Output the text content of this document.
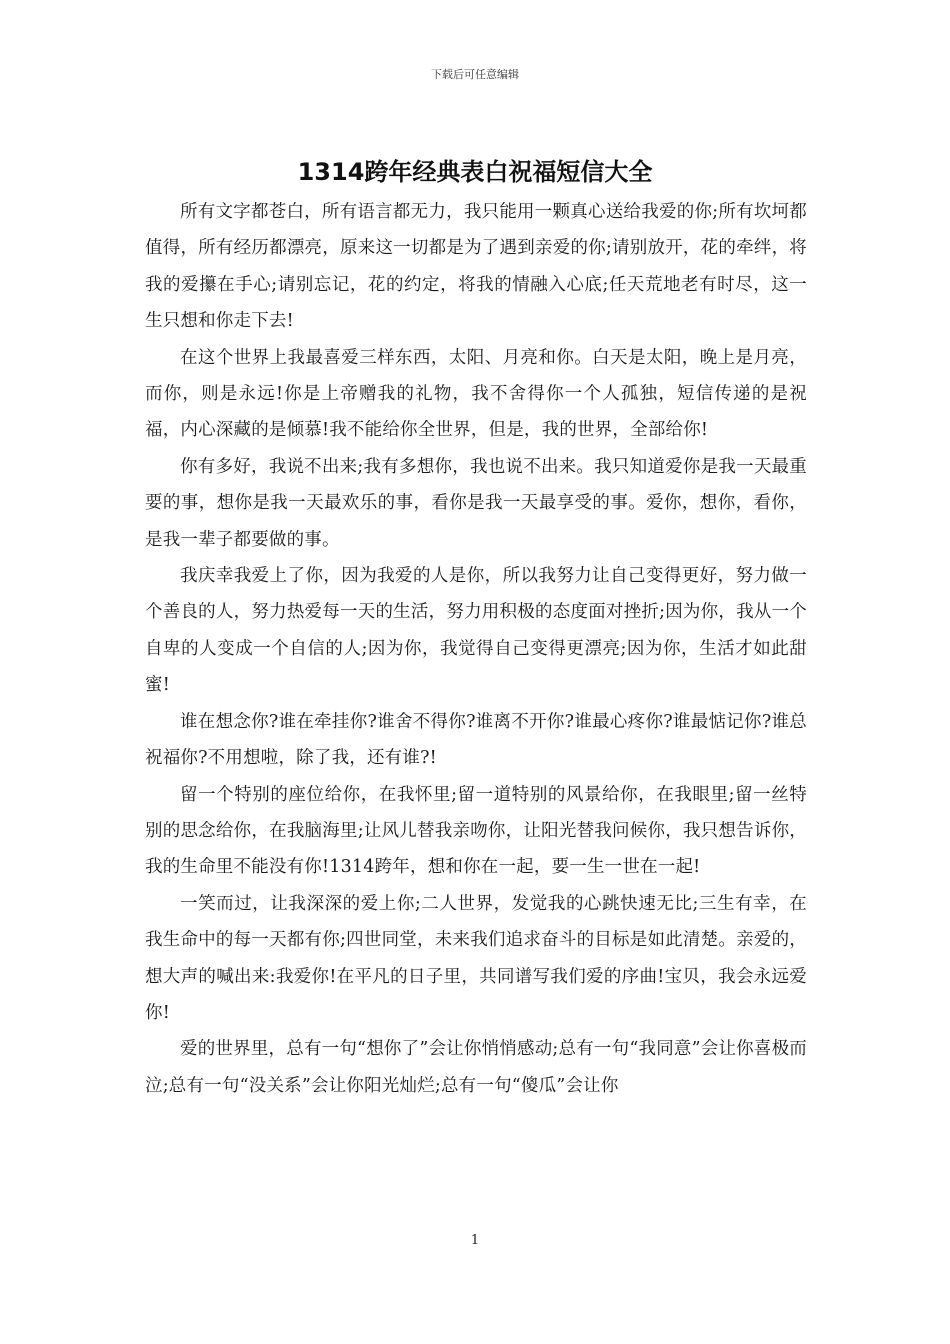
下载后可任意编辑
1314跨年经典表白祝福短信大全

所有文字都苍白，所有语言都无力，我只能用一颗真心送给我爱的你;所有坎坷都值得，所有经历都漂亮，原来这一切都是为了遇到亲爱的你;请别放开，花的牵绊，将我的爱攥在手心;请别忘记，花的约定，将我的情融入心底;任天荒地老有时尽，这一生只想和你走下去!

在这个世界上我最喜爱三样东西，太阳、月亮和你。白天是太阳，晚上是月亮，而你，则是永远!你是上帝赠我的礼物，我不舍得你一个人孤独，短信传递的是祝福，内心深藏的是倾慕!我不能给你全世界，但是，我的世界，全部给你!

你有多好，我说不出来;我有多想你，我也说不出来。我只知道爱你是我一天最重要的事，想你是我一天最欢乐的事，看你是我一天最享受的事。爱你，想你，看你，是我一辈子都要做的事。

我庆幸我爱上了你，因为我爱的人是你，所以我努力让自己变得更好，努力做一个善良的人，努力热爱每一天的生活，努力用积极的态度面对挫折;因为你，我从一个自卑的人变成一个自信的人;因为你，我觉得自己变得更漂亮;因为你，生活才如此甜蜜!

谁在想念你?谁在牵挂你?谁舍不得你?谁离不开你?谁最心疼你?谁最惦记你?谁总祝福你?不用想啦，除了我，还有谁?!

留一个特别的座位给你，在我怀里;留一道特别的风景给你，在我眼里;留一丝特别的思念给你，在我脑海里;让风儿替我亲吻你，让阳光替我问候你，我只想告诉你，我的生命里不能没有你!1314跨年，想和你在一起，要一生一世在一起!

一笑而过，让我深深的爱上你;二人世界，发觉我的心跳快速无比;三生有幸，在我生命中的每一天都有你;四世同堂，未来我们追求奋斗的目标是如此清楚。亲爱的，想大声的喊出来:我爱你!在平凡的日子里，共同谱写我们爱的序曲!宝贝，我会永远爱你!

爱的世界里，总有一句“想你了”会让你悄悄感动;总有一句“我同意”会让你喜极而泣;总有一句“没关系”会让你阳光灿烂;总有一句“傻瓜”会让你

1
